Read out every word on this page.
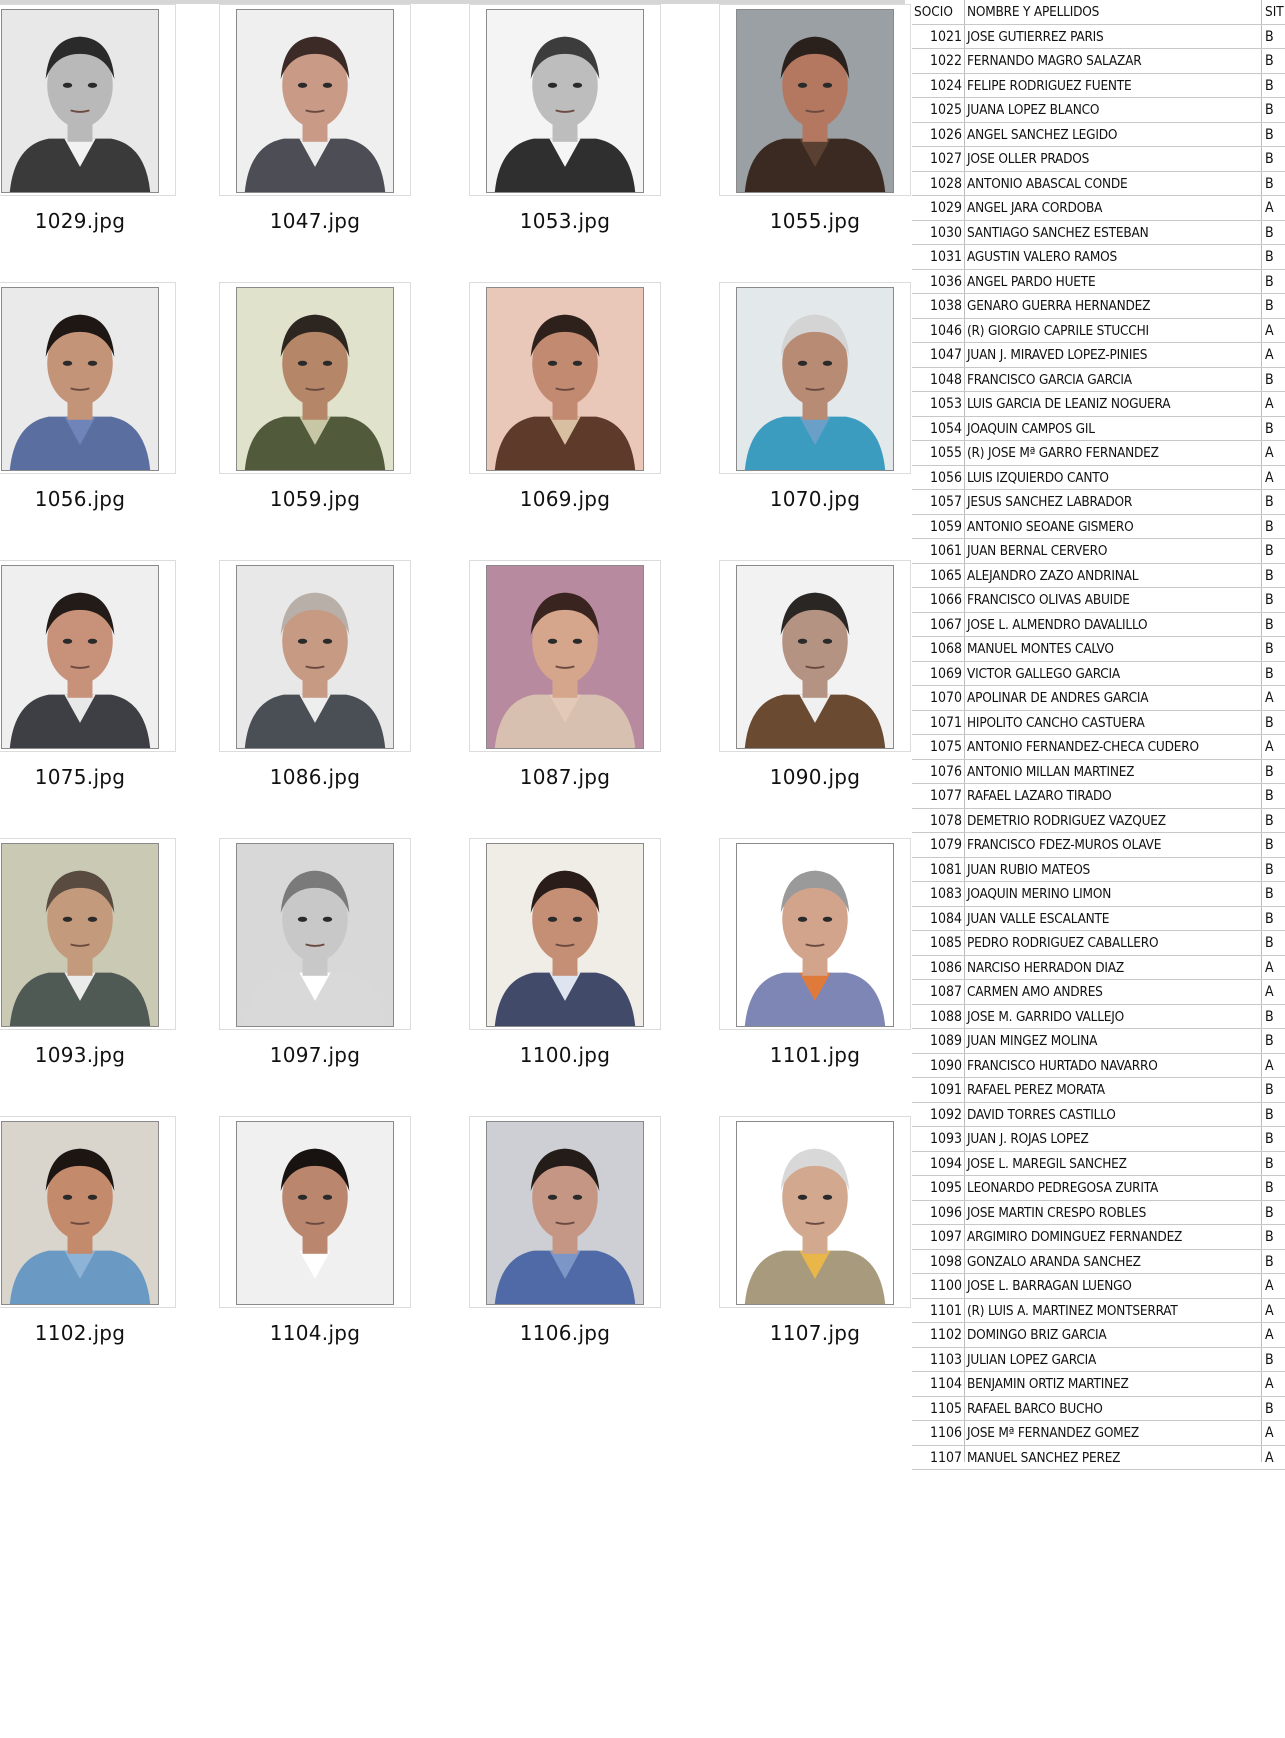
1029.jpg	1047.jpg	1053.jpg	1055.jpg
1056.jpg	1059.jpg	1069.jpg	1070.jpg
1075.jpg	1086.jpg	1087.jpg	1090.jpg
1093.jpg	1097.jpg	1100.jpg	1101.jpg
1102.jpg	1104.jpg	1106.jpg	1107.jpg
SOCIO NOMBRE Y APELLIDOS	SIT
1021 JOSE GUTIERREZ PARIS	B
1022 FERNANDO MAGRO SALAZAR	B
1024 FELIPE RODRIGUEZ FUENTE	B
1025 JUANA LOPEZ BLANCO	B
1026 ANGEL SANCHEZ LEGIDO	B
1027 JOSE OLLER PRADOS	B
1028 ANTONIO ABASCAL CONDE	B
1029 ANGEL JARA CORDOBA	A
1030 SANTIAGO SANCHEZ ESTEBAN	B
1031 AGUSTIN VALERO RAMOS	B
1036 ANGEL PARDO HUETE	B
1038 GENARO GUERRA HERNANDEZ	B
1046 (R) GIORGIO CAPRILE STUCCHI	A
1047 JUAN J. MIRAVED LOPEZ-PINIES	A
1048 FRANCISCO GARCIA GARCIA	B
1053 LUIS GARCIA DE LEANIZ NOGUERA	A
1054 JOAQUIN CAMPOS GIL	B
1055 (R) JOSE Mª GARRO FERNANDEZ	A
1056 LUIS IZQUIERDO CANTO	A
1057 JESUS SANCHEZ LABRADOR	B
1059 ANTONIO SEOANE GISMERO	B
1061 JUAN BERNAL CERVERO	B
1065 ALEJANDRO ZAZO ANDRINAL	B
1066 FRANCISCO OLIVAS ABUIDE	B
1067 JOSE L. ALMENDRO DAVALILLO	B
1068 MANUEL MONTES CALVO	B
1069 VICTOR GALLEGO GARCIA	B
1070 APOLINAR DE ANDRES GARCIA	A
1071 HIPOLITO CANCHO CASTUERA	B
1075 ANTONIO FERNANDEZ-CHECA CUDERO	A
1076 ANTONIO MILLAN MARTINEZ	B
1077 RAFAEL LAZARO TIRADO	B
1078 DEMETRIO RODRIGUEZ VAZQUEZ	B
1079 FRANCISCO FDEZ-MUROS OLAVE	B
1081 JUAN RUBIO MATEOS	B
1083 JOAQUIN MERINO LIMON	B
1084 JUAN VALLE ESCALANTE	B
1085 PEDRO RODRIGUEZ CABALLERO	B
1086 NARCISO HERRADON DIAZ	A
1087 CARMEN AMO ANDRES	A
1088 JOSE M. GARRIDO VALLEJO	B
1089 JUAN MINGEZ MOLINA	B
1090 FRANCISCO HURTADO NAVARRO	A
1091 RAFAEL PEREZ MORATA	B
1092 DAVID TORRES CASTILLO	B
1093 JUAN J. ROJAS LOPEZ	B
1094 JOSE L. MAREGIL SANCHEZ	B
1095 LEONARDO PEDREGOSA ZURITA	B
1096 JOSE MARTIN CRESPO ROBLES	B
1097 ARGIMIRO DOMINGUEZ FERNANDEZ	B
1098 GONZALO ARANDA SANCHEZ	B
1100 JOSE L. BARRAGAN LUENGO	A
1101 (R) LUIS A. MARTINEZ MONTSERRAT	A
1102 DOMINGO BRIZ GARCIA	A
1103 JULIAN LOPEZ GARCIA	B
1104 BENJAMIN ORTIZ MARTINEZ	A
1105 RAFAEL BARCO BUCHO	B
1106 JOSE Mª FERNANDEZ GOMEZ	A
1107 MANUEL SANCHEZ PEREZ	A
